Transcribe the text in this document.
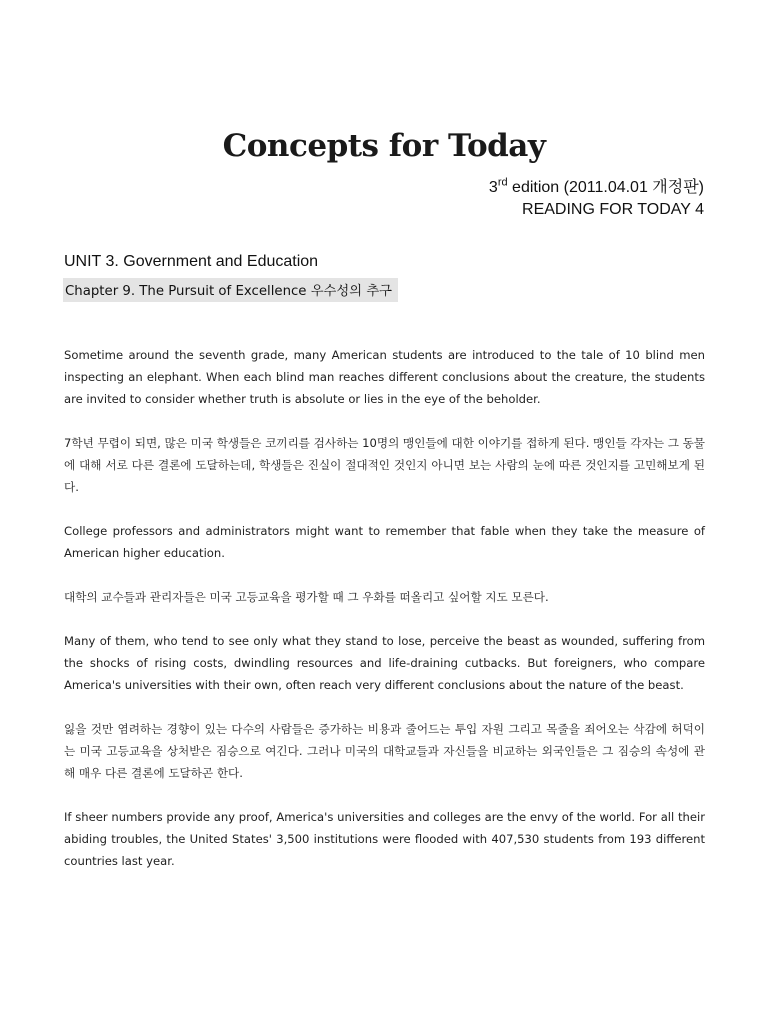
Concepts for Today
3rd edition (2011.04.01 개정판)
READING FOR TODAY 4
UNIT 3. Government and Education
Chapter 9. The Pursuit of Excellence 우수성의 추구

Sometime around the seventh grade, many American students are introduced to the tale of 10 blind men inspecting an elephant. When each blind man reaches different conclusions about the creature, the students are invited to consider whether truth is absolute or lies in the eye of the beholder.

7학년 무렵이 되면, 많은 미국 학생들은 코끼리를 검사하는 10명의 맹인들에 대한 이야기를 접하게 된다. 맹인들 각자는 그 동물에 대해 서로 다른 결론에 도달하는데, 학생들은 진실이 절대적인 것인지 아니면 보는 사람의 눈에 따른 것인지를 고민해보게 된다.

College professors and administrators might want to remember that fable when they take the measure of American higher education.

대학의 교수들과 관리자들은 미국 고등교육을 평가할 때 그 우화를 떠올리고 싶어할 지도 모른다.

Many of them, who tend to see only what they stand to lose, perceive the beast as wounded, suffering from the shocks of rising costs, dwindling resources and life-draining cutbacks. But foreigners, who compare America's universities with their own, often reach very different conclusions about the nature of the beast.

잃을 것만 염려하는 경향이 있는 다수의 사람들은 증가하는 비용과 줄어드는 투입 자원 그리고 목줄을 죄어오는 삭감에 허덕이는 미국 고등교육을 상처받은 짐승으로 여긴다. 그러나 미국의 대학교들과 자신들을 비교하는 외국인들은 그 짐승의 속성에 관해 매우 다른 결론에 도달하곤 한다.

If sheer numbers provide any proof, America's universities and colleges are the envy of the world. For all their abiding troubles, the United States' 3,500 institutions were flooded with 407,530 students from 193 different countries last year.
